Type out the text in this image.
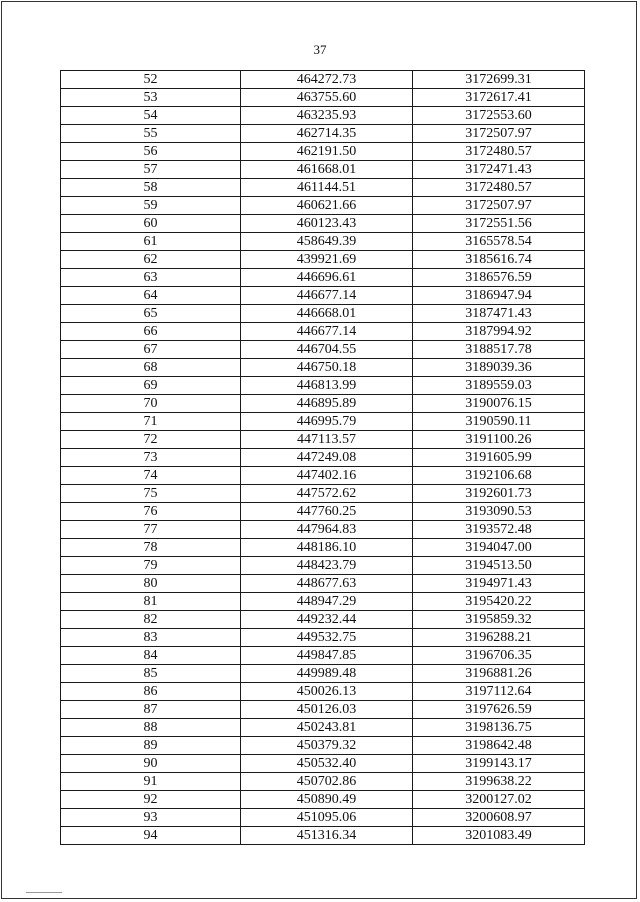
37
52	464272.73	3172699.31
53	463755.60	3172617.41
54	463235.93	3172553.60
55	462714.35	3172507.97
56	462191.50	3172480.57
57	461668.01	3172471.43
58	461144.51	3172480.57
59	460621.66	3172507.97
60	460123.43	3172551.56
61	458649.39	3165578.54
62	439921.69	3185616.74
63	446696.61	3186576.59
64	446677.14	3186947.94
65	446668.01	3187471.43
66	446677.14	3187994.92
67	446704.55	3188517.78
68	446750.18	3189039.36
69	446813.99	3189559.03
70	446895.89	3190076.15
71	446995.79	3190590.11
72	447113.57	3191100.26
73	447249.08	3191605.99
74	447402.16	3192106.68
75	447572.62	3192601.73
76	447760.25	3193090.53
77	447964.83	3193572.48
78	448186.10	3194047.00
79	448423.79	3194513.50
80	448677.63	3194971.43
81	448947.29	3195420.22
82	449232.44	3195859.32
83	449532.75	3196288.21
84	449847.85	3196706.35
85	449989.48	3196881.26
86	450026.13	3197112.64
87	450126.03	3197626.59
88	450243.81	3198136.75
89	450379.32	3198642.48
90	450532.40	3199143.17
91	450702.86	3199638.22
92	450890.49	3200127.02
93	451095.06	3200608.97
94	451316.34	3201083.49
